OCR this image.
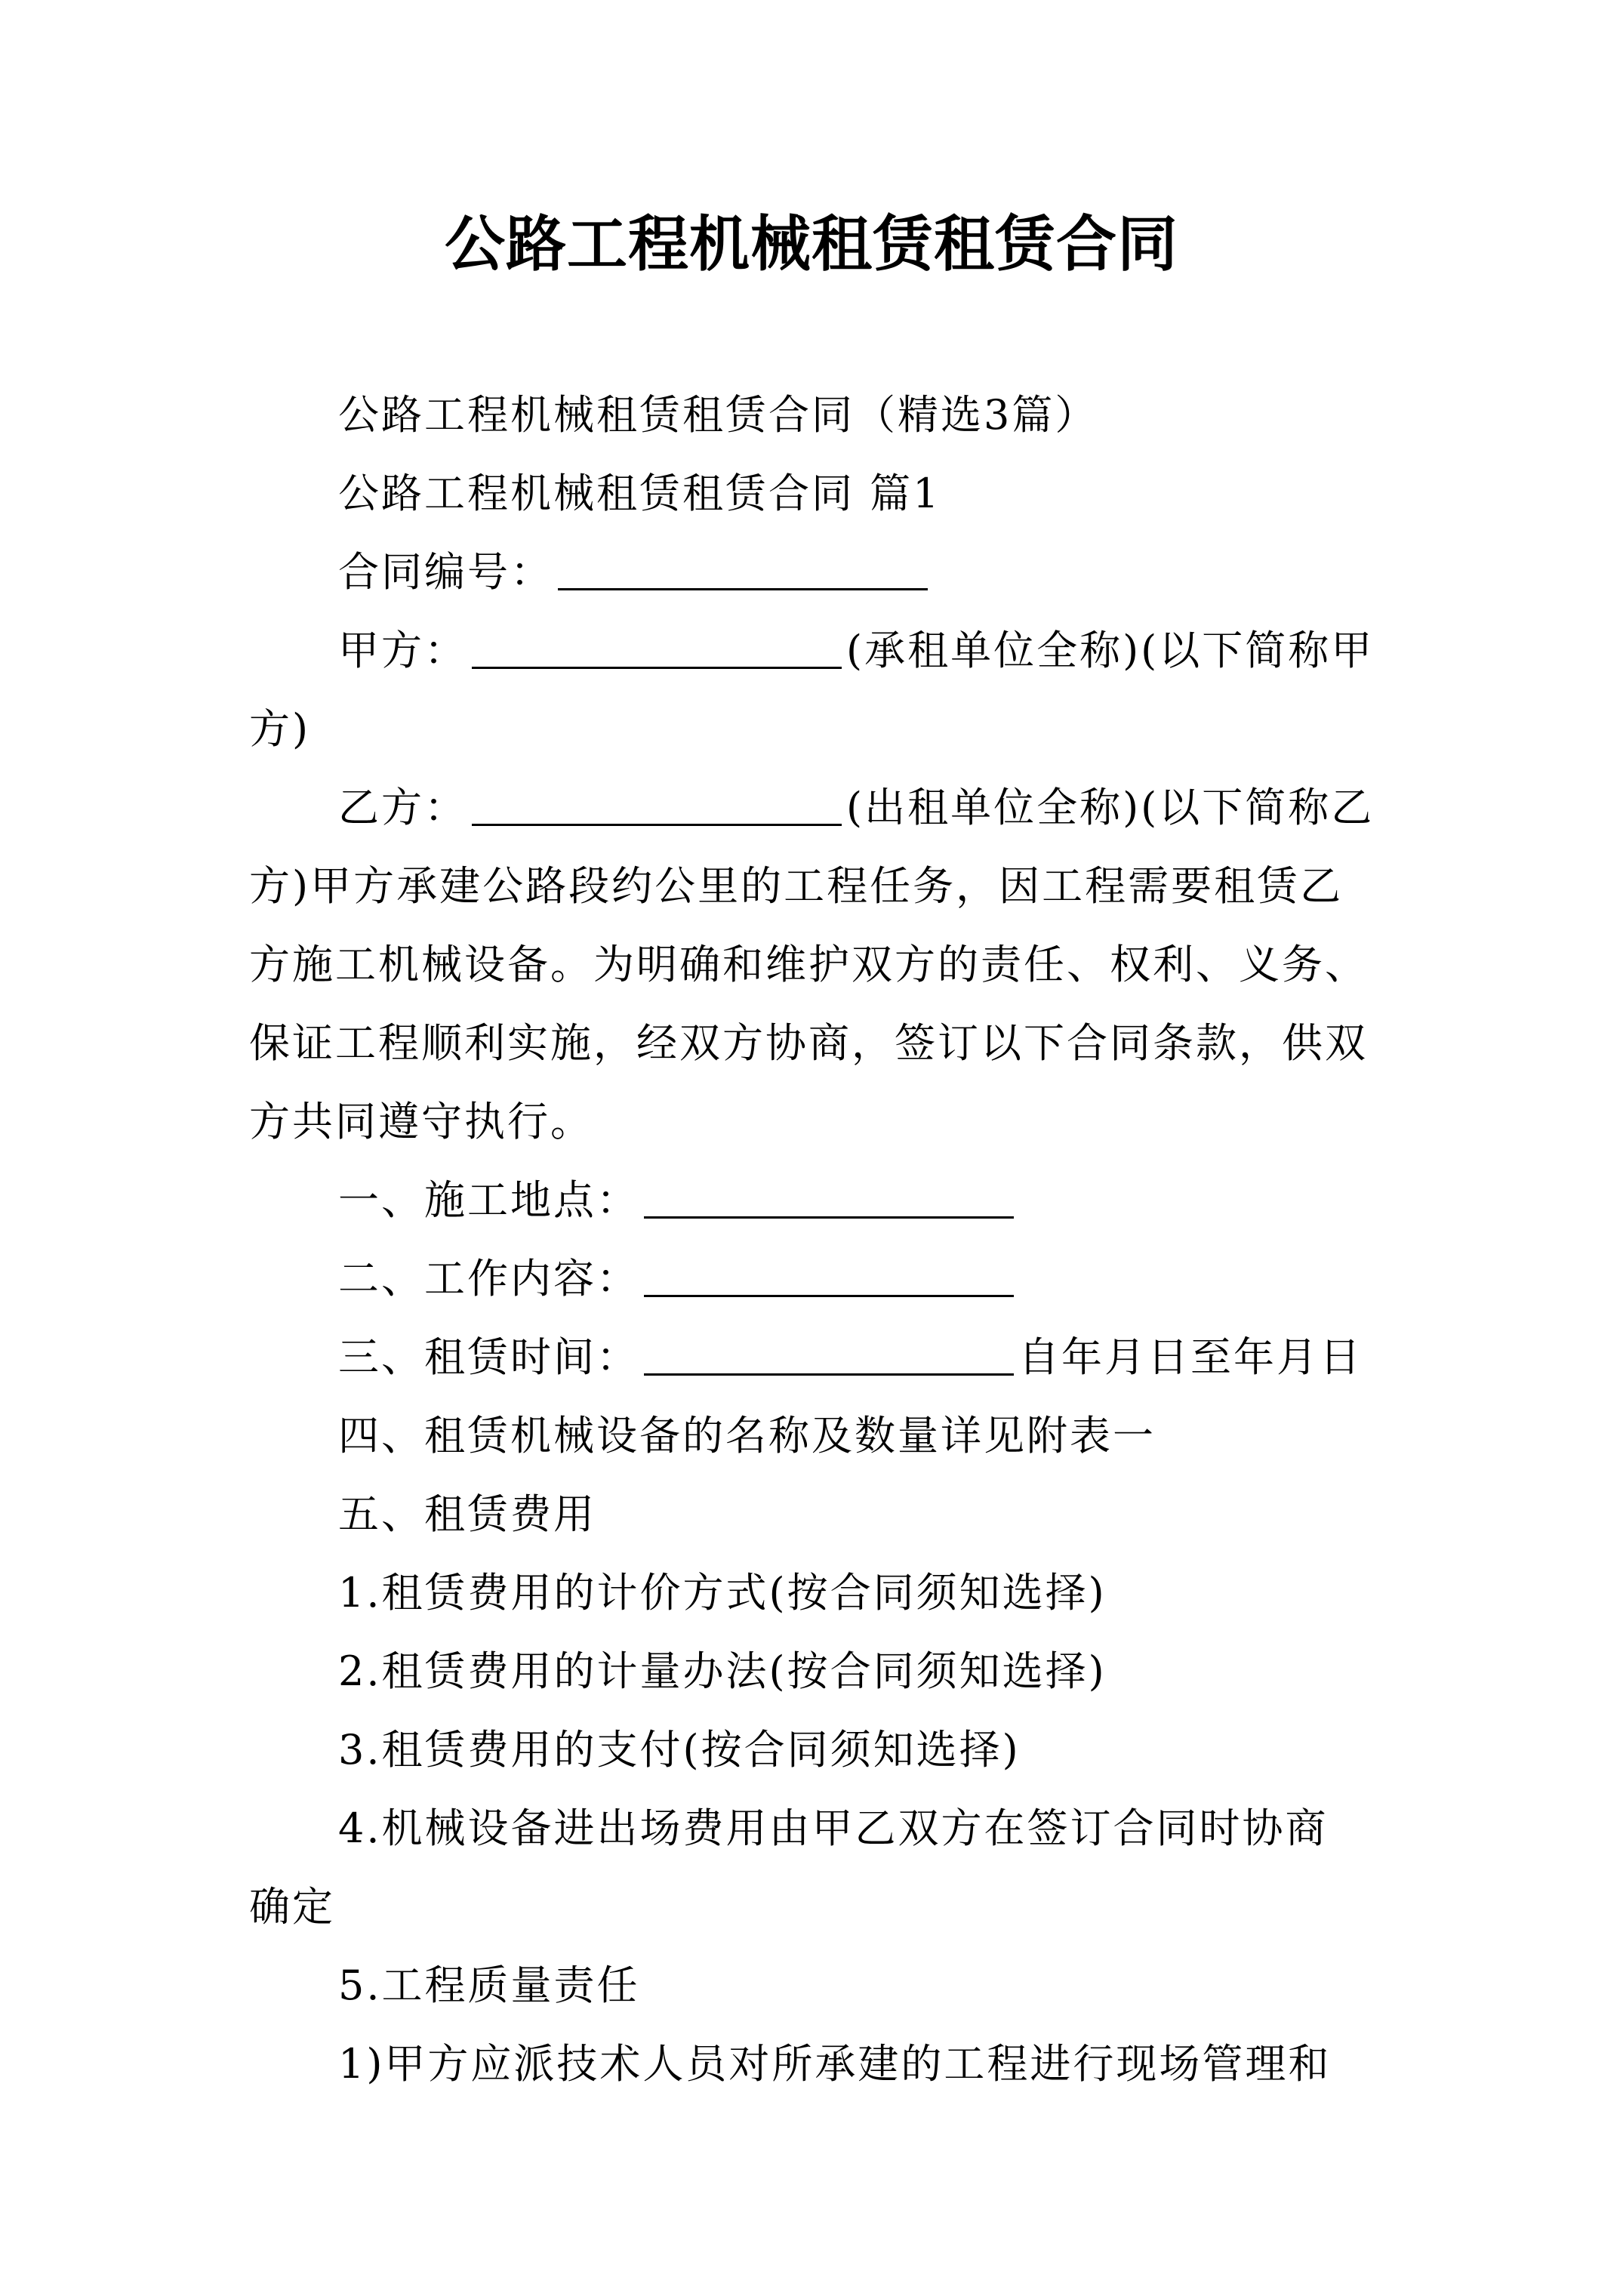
公路工程机械租赁租赁合同
公路工程机械租赁租赁合同（精选3篇）
公路工程机械租赁租赁合同 篇1
合同编号：
甲方：	(承租单位全称)(以下简称甲
方)
乙方：	(出租单位全称)(以下简称乙
方)甲方承建公路段约公里的工程任务，因工程需要租赁乙
方施工机械设备。为明确和维护双方的责任、权利、义务、
保证工程顺利实施，经双方协商，签订以下合同条款，供双
方共同遵守执行。
一、施工地点：
二、工作内容：
三、租赁时间：	自年月日至年月日
四、租赁机械设备的名称及数量详见附表一
五、租赁费用
1.租赁费用的计价方式(按合同须知选择)
2.租赁费用的计量办法(按合同须知选择)
3.租赁费用的支付(按合同须知选择)
4.机械设备进出场费用由甲乙双方在签订合同时协商
确定
5.工程质量责任
1)甲方应派技术人员对所承建的工程进行现场管理和
